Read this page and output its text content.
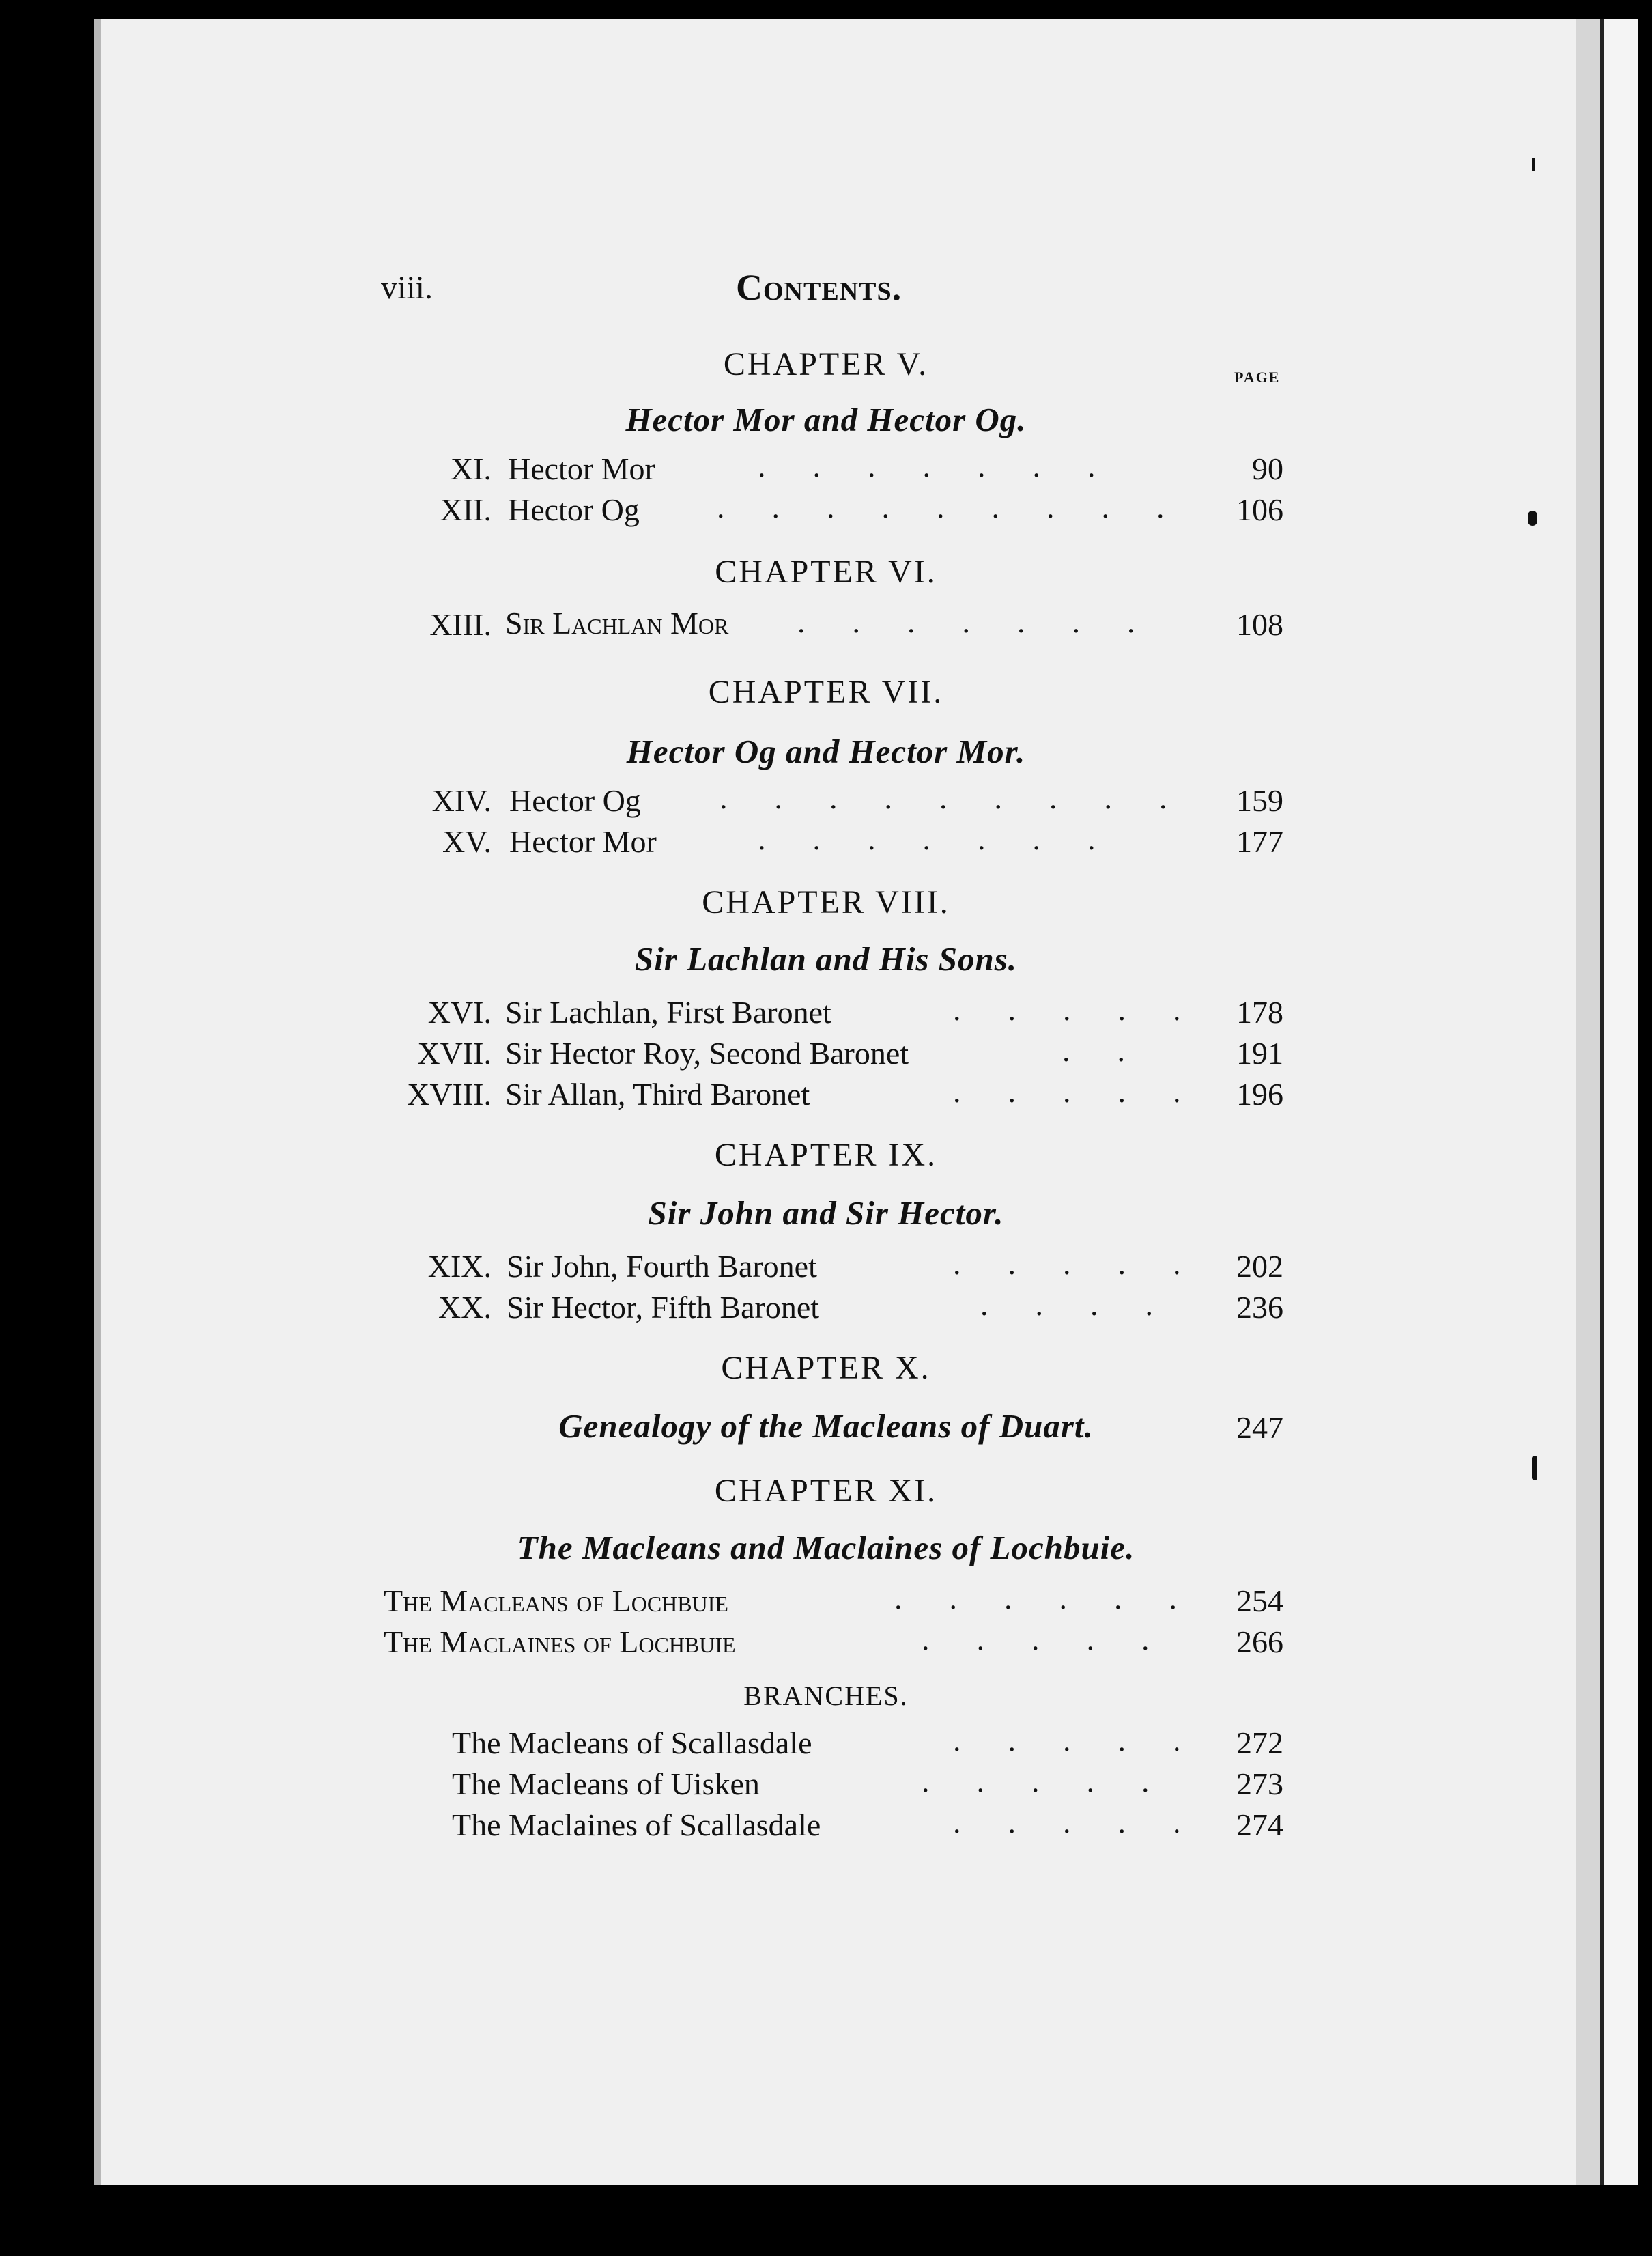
viii.	Contents.
CHAPTER V.	PAGE
Hector Mor and Hector Og.
XI. Hector Mor	.      .      .      .      .      .      .	90
XII. Hector Og .      .      .      .      .      .      .      .      .	106
CHAPTER VI.
XIII. Sir Lachlan Mor .      .      .      .      .      .      .	108
CHAPTER VII.
Hector Og and Hector Mor.
XIV. Hector Og	.      .      .      .      .      .      .      .      .	159
XV. Hector Mor	.      .      .      .      .      .      .	177
CHAPTER VIII.
Sir Lachlan and His Sons.
XVI. Sir Lachlan, First Baronet	.      .      .      .      .	178
XVII. Sir Hector Roy, Second Baronet	.      .	191
XVIII. Sir Allan, Third Baronet	.      .      .      .      .	196
CHAPTER IX.
Sir John and Sir Hector.
XIX. Sir John, Fourth Baronet	.      .      .      .      .	202
XX. Sir Hector, Fifth Baronet	.      .      .      .	236
CHAPTER X.
Genealogy of the Macleans of Duart.	247
CHAPTER XI.
The Macleans and Maclaines of Lochbuie.
The Macleans of Lochbuie	.      .      .      .      .      .	254
The Maclaines of Lochbuie	.      .      .      .      .	266
BRANCHES.
The Macleans of Scallasdale	.      .      .      .      .	272
The Macleans of Uisken	.      .      .      .      .	273
The Maclaines of Scallasdale	.      .      .      .      .	274
